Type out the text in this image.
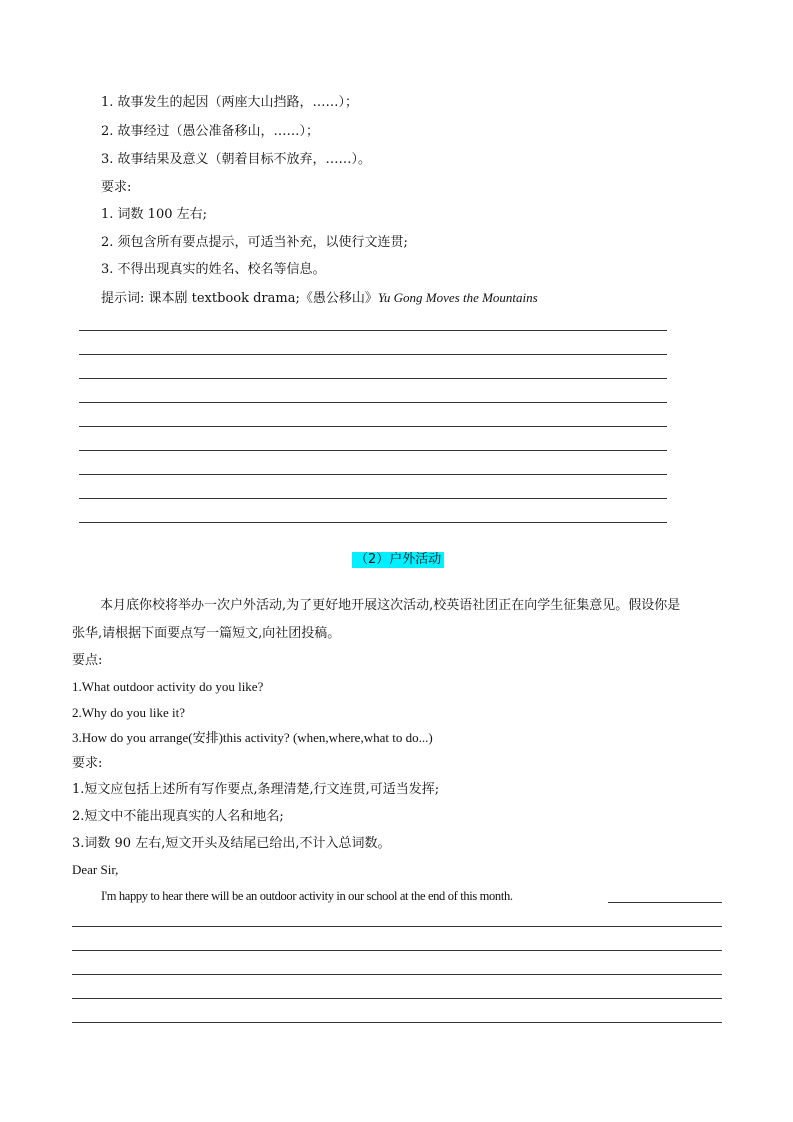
1. 故事发生的起因（两座大山挡路，……）；
2. 故事经过（愚公准备移山，……）；
3. 故事结果及意义（朝着目标不放弃，……）。
要求:
1. 词数 100 左右;
2. 须包含所有要点提示，可适当补充，以使行文连贯;
3. 不得出现真实的姓名、校名等信息。
提示词: 课本剧 textbook drama;《愚公移山》Yu Gong Moves the Mountains
（2）户外活动
本月底你校将举办一次户外活动,为了更好地开展这次活动,校英语社团正在向学生征集意见。假设你是
张华,请根据下面要点写一篇短文,向社团投稿。
要点:
1.What outdoor activity do you like?
2.Why do you like it?
3.How do you arrange(安排)this activity? (when,where,what to do...)
要求:
1.短文应包括上述所有写作要点,条理清楚,行文连贯,可适当发挥;
2.短文中不能出现真实的人名和地名;
3.词数 90 左右,短文开头及结尾已给出,不计入总词数。
Dear Sir,
I'm happy to hear there will be an outdoor activity in our school at the end of this month.
